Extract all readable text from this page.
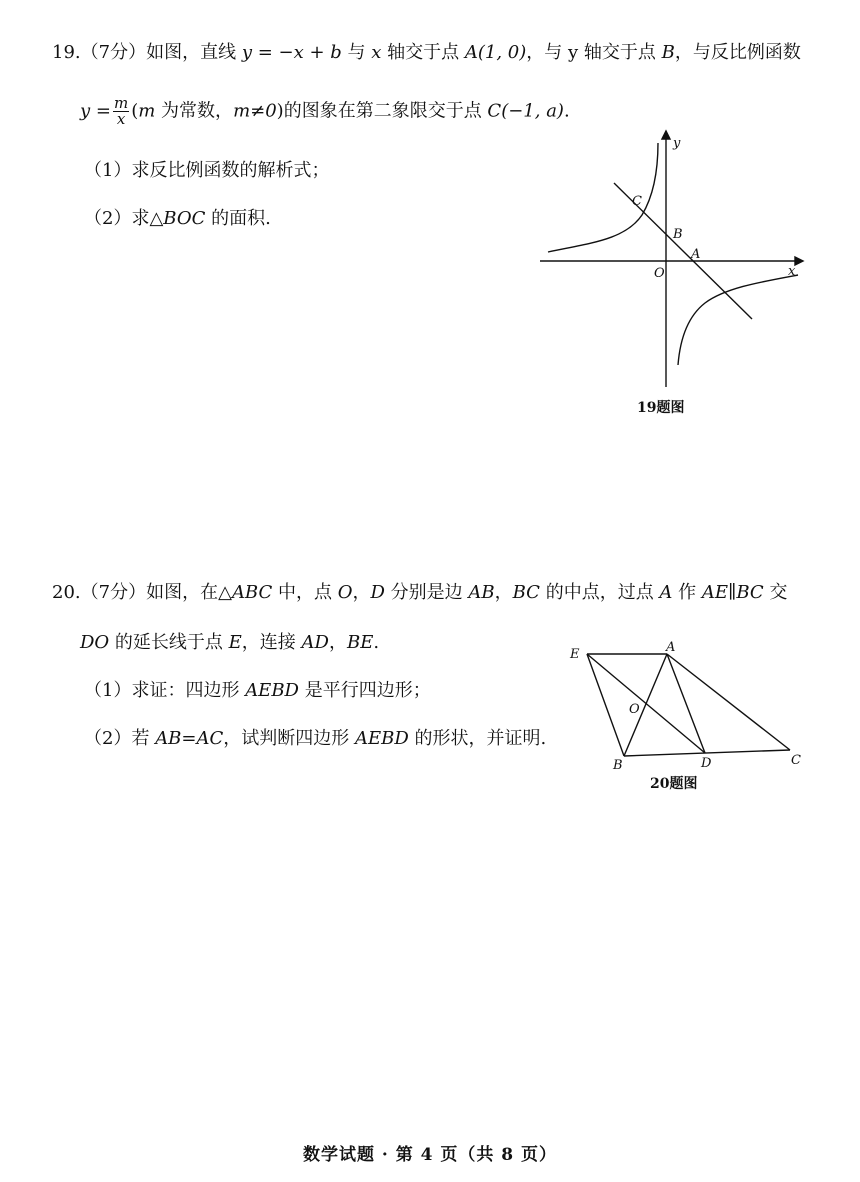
19.（7分）如图，直线 y = −x + b 与 x 轴交于点 A(1, 0)，与 y 轴交于点 B，与反比例函数
$y = \frac{m}{x} (m$ 为常数，m≠0)的图象在第二象限交于点 C(−1, a).
（1）求反比例函数的解析式；
（2）求△BOC 的面积.
y
x
C
B
A
O
19题图
20.（7分）如图，在△ABC 中，点 O，D 分别是边 AB，BC 的中点，过点 A 作 AE∥BC 交
DO 的延长线于点 E，连接 AD，BE.
（1）求证：四边形 AEBD 是平行四边形；
（2）若 AB=AC，试判断四边形 AEBD 的形状，并证明.
E	A
O
B	D	C
20题图
数学试题 · 第 4 页（共 8 页）
